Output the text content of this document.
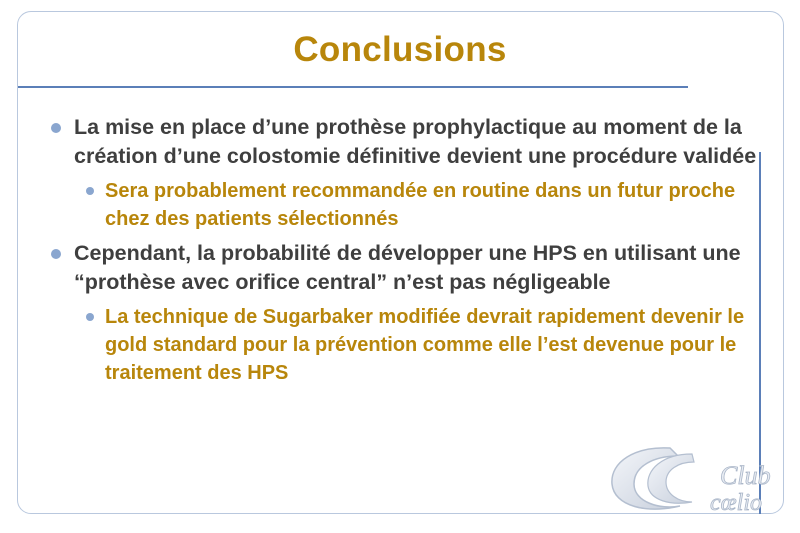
Conclusions
La mise en place d’une prothèse prophylactique au moment de la création d’une colostomie définitive devient une procédure validée
Sera probablement recommandée en routine dans un futur proche chez des patients sélectionnés
Cependant, la probabilité de développer une HPS en utilisant une “prothèse avec orifice central” n’est pas négligeable
La technique de Sugarbaker modifiée devrait rapidement devenir le gold standard pour la prévention comme elle l’est devenue pour le traitement des HPS
Club
cœlio
